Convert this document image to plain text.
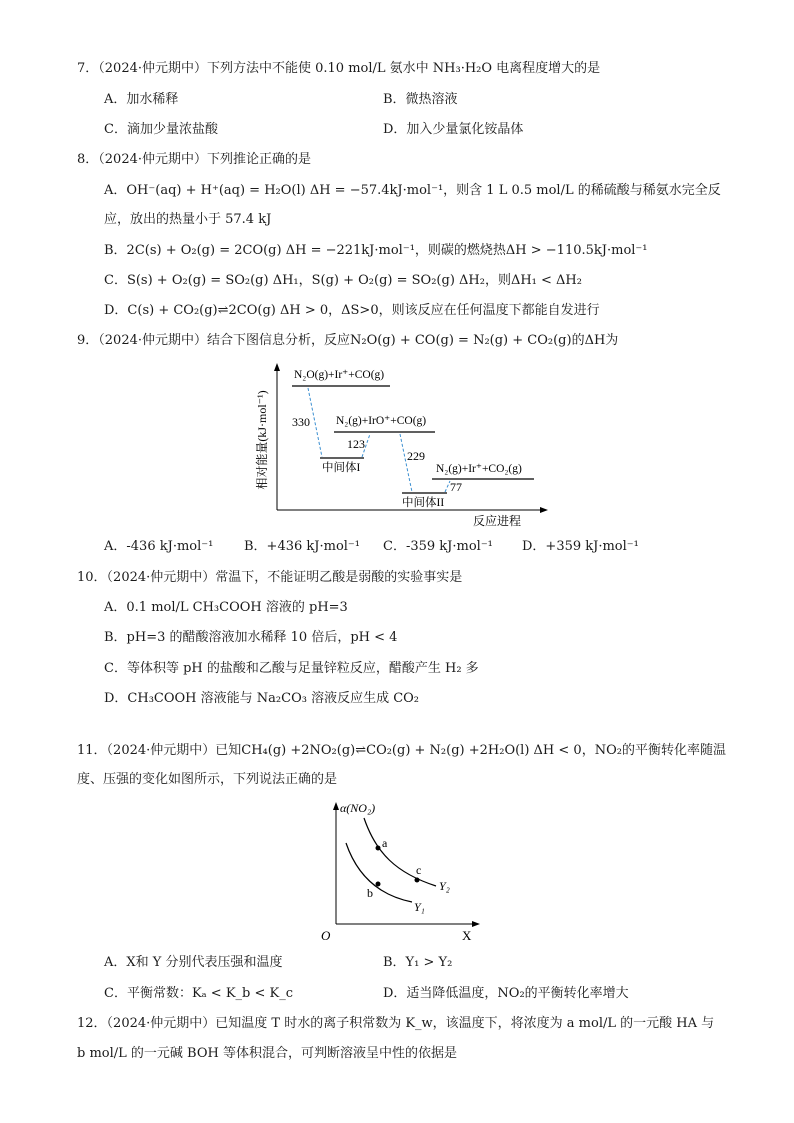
7．（2024·仲元期中）下列方法中不能使 0.10 mol/L 氨水中 NH₃·H₂O 电离程度增大的是
A．加水稀释	B．微热溶液
C．滴加少量浓盐酸	D．加入少量氯化铵晶体
8．（2024·仲元期中）下列推论正确的是
A．OH⁻(aq) + H⁺(aq) = H₂O(l) ΔH = −57.4kJ·mol⁻¹，则含 1 L 0.5 mol/L 的稀硫酸与稀氨水完全反
应，放出的热量小于 57.4 kJ
B．2C(s) + O₂(g) = 2CO(g) ΔH = −221kJ·mol⁻¹，则碳的燃烧热ΔH > −110.5kJ·mol⁻¹
C．S(s) + O₂(g) = SO₂(g) ΔH₁，S(g) + O₂(g) = SO₂(g) ΔH₂，则ΔH₁ < ΔH₂
D．C(s) + CO₂(g)⇌2CO(g) ΔH > 0，ΔS>0，则该反应在任何温度下都能自发进行
9．（2024·仲元期中）结合下图信息分析，反应N₂O(g) + CO(g) = N₂(g) + CO₂(g)的ΔH为
相对能量(kJ·mol⁻¹)
反应进程
N₂O(g)+Ir⁺+CO(g)
中间体I
N₂(g)+IrO⁺+CO(g)
中间体II
N₂(g)+Ir⁺+CO₂(g)
330
123
229
77
A．-436 kJ·mol⁻¹ B．+436 kJ·mol⁻¹ C．-359 kJ·mol⁻¹ D．+359 kJ·mol⁻¹
10．（2024·仲元期中）常温下，不能证明乙酸是弱酸的实验事实是
A．0.1 mol/L CH₃COOH 溶液的 pH=3
B．pH=3 的醋酸溶液加水稀释 10 倍后，pH < 4
C．等体积等 pH 的盐酸和乙酸与足量锌粒反应，醋酸产生 H₂ 多
D．CH₃COOH 溶液能与 Na₂CO₃ 溶液反应生成 CO₂
11．（2024·仲元期中）已知CH₄(g) +2NO₂(g)⇌CO₂(g) + N₂(g) +2H₂O(l) ΔH < 0，NO₂的平衡转化率随温
度、压强的变化如图所示，下列说法正确的是
α(NO₂)
X
O
a
c
b	Y₂
Y₁
A．X和 Y 分别代表压强和温度	B．Y₁ > Y₂
C．平衡常数：Kₐ < K_b < K_c	D．适当降低温度，NO₂的平衡转化率增大
12．（2024·仲元期中）已知温度 T 时水的离子积常数为 K_w，该温度下，将浓度为 a mol/L 的一元酸 HA 与
b mol/L 的一元碱 BOH 等体积混合，可判断溶液呈中性的依据是
